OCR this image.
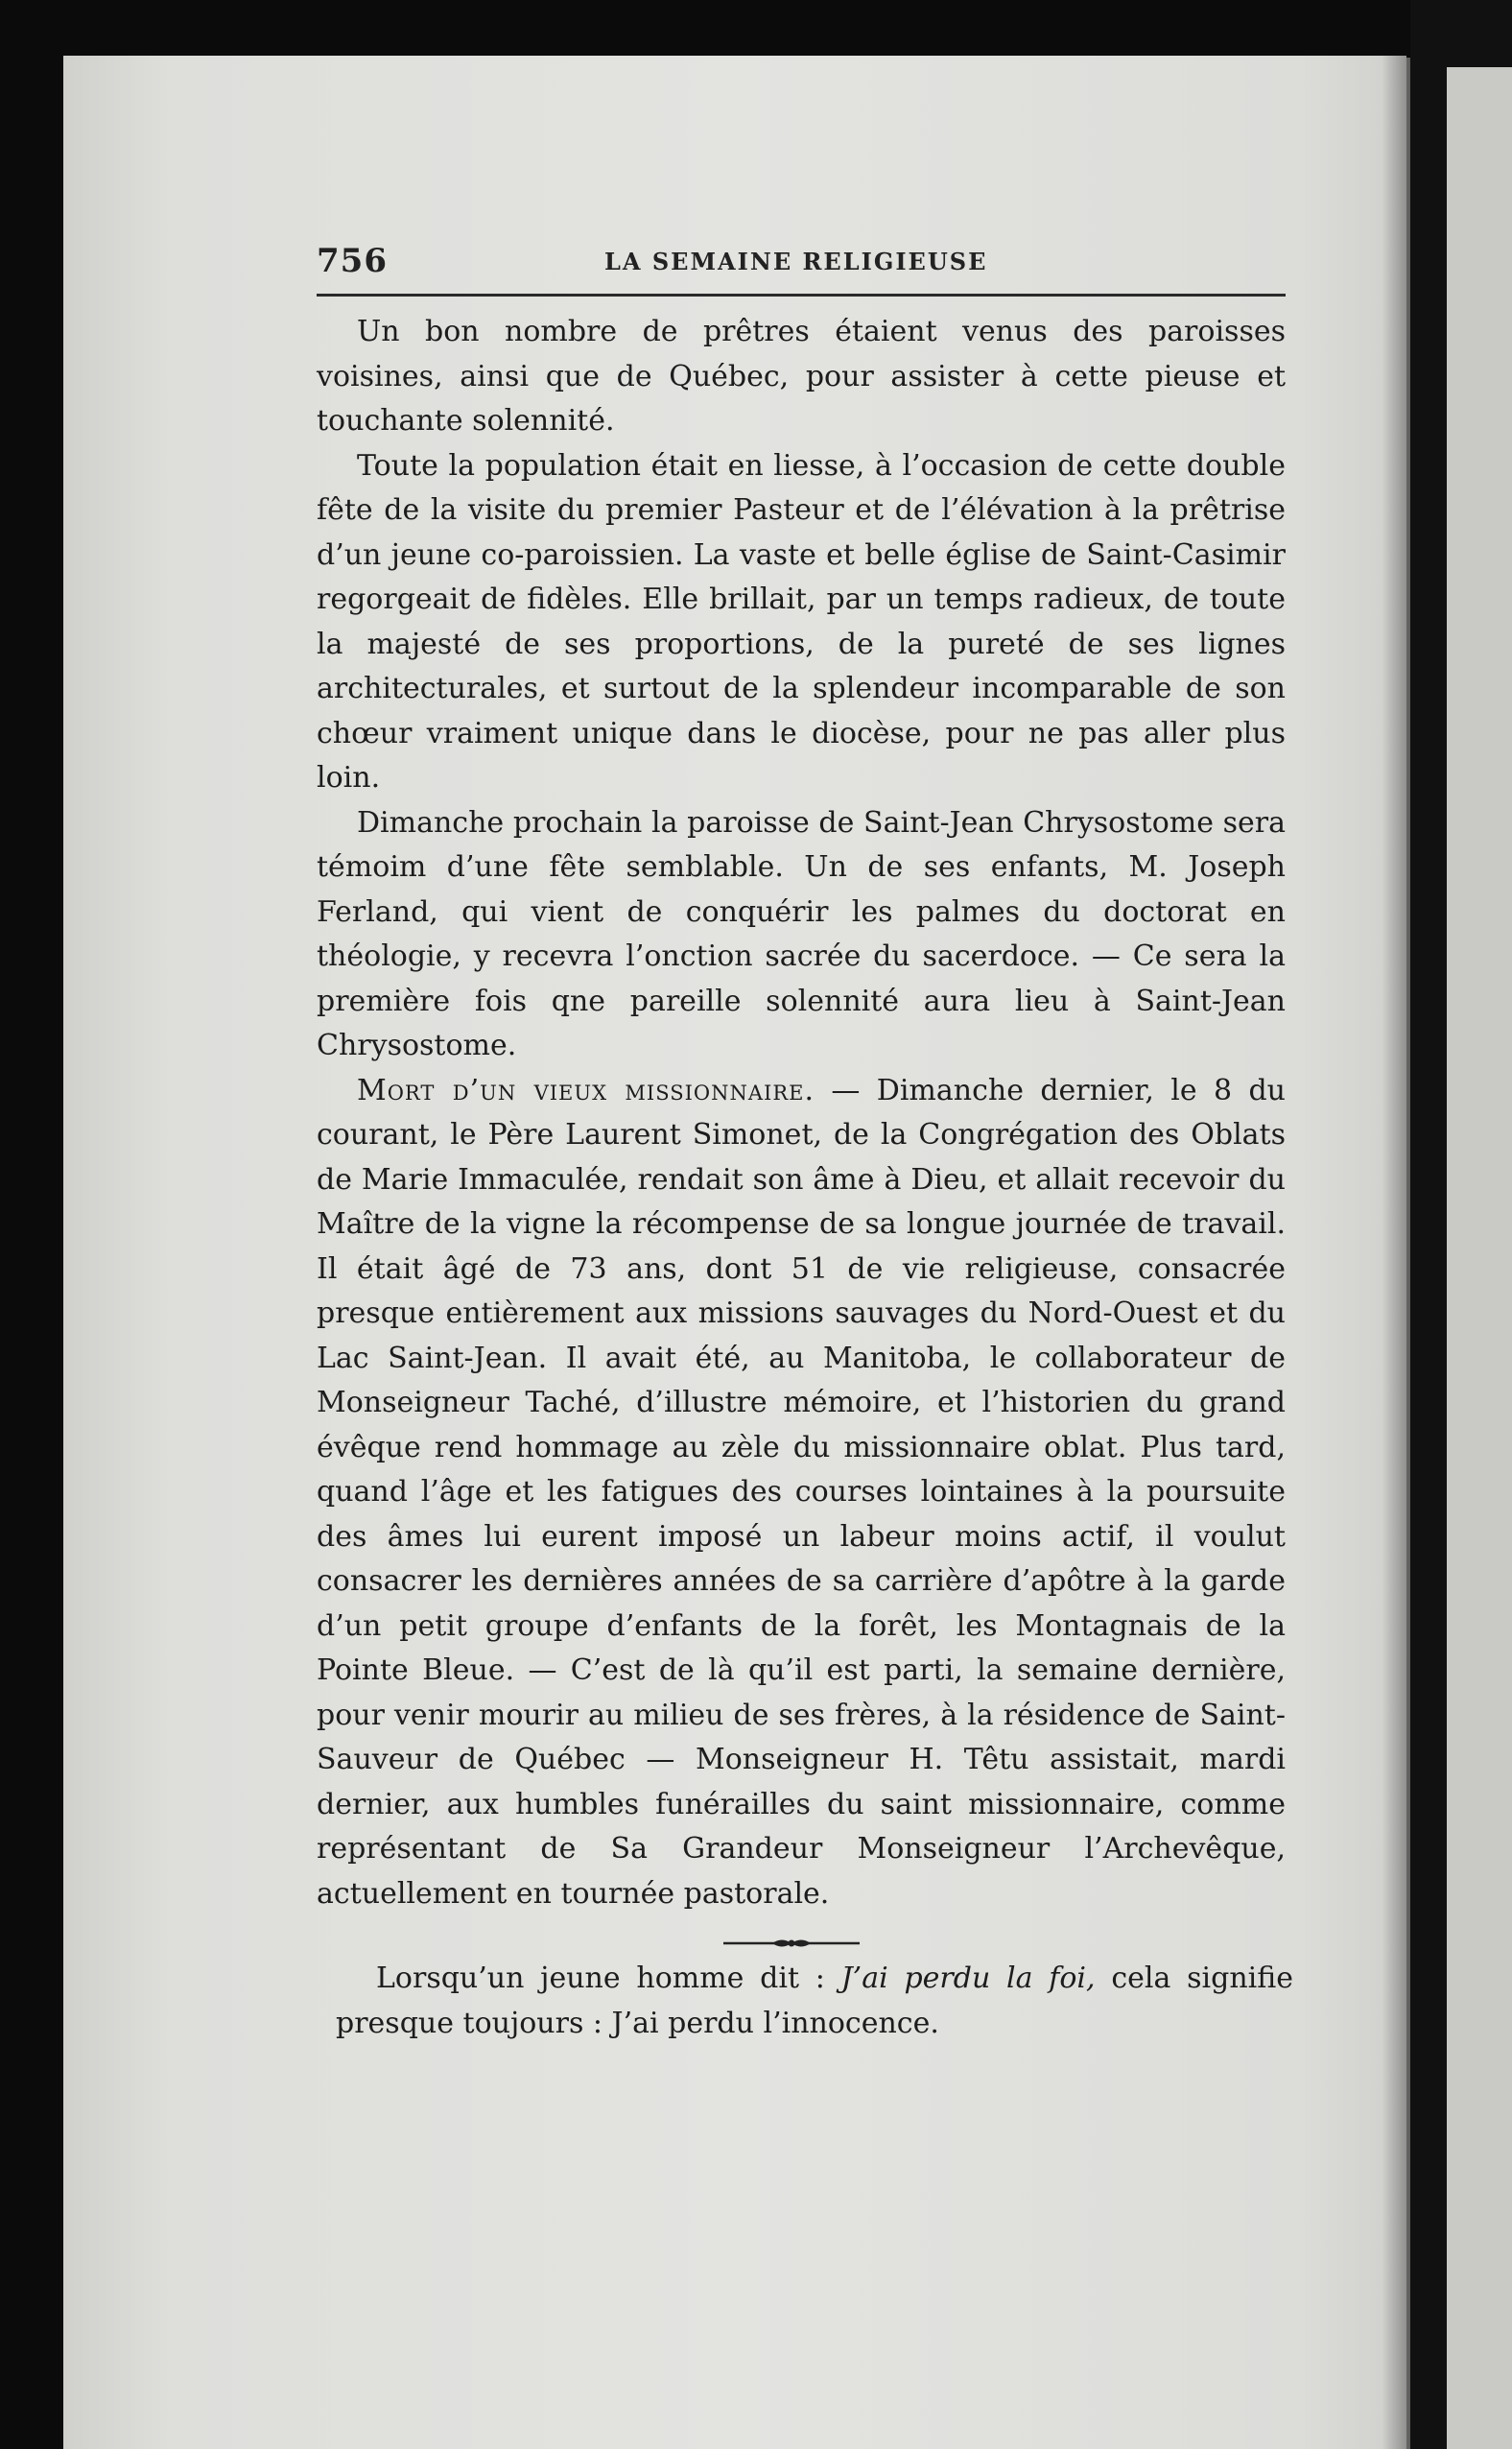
756	LA SEMAINE RELIGIEUSE

Un bon nombre de prêtres étaient venus des paroisses voisines, ainsi que de Québec, pour assister à cette pieuse et touchante solennité.

Toute la population était en liesse, à l’occasion de cette double fête de la visite du premier Pasteur et de l’élévation à la prêtrise d’un jeune co-paroissien. La vaste et belle église de Saint-Casimir regorgeait de fidèles. Elle brillait, par un temps radieux, de toute la majesté de ses proportions, de la pureté de ses lignes architecturales, et surtout de la splendeur incomparable de son chœur vraiment unique dans le diocèse, pour ne pas aller plus loin.

Dimanche prochain la paroisse de Saint-Jean Chrysostome sera témoim d’une fête semblable. Un de ses enfants, M. Joseph Ferland, qui vient de conquérir les palmes du doctorat en théologie, y recevra l’onction sacrée du sacerdoce. — Ce sera la première fois qne pareille solennité aura lieu à Saint-Jean Chrysostome.

Mort d’un vieux missionnaire. — Dimanche dernier, le 8 du courant, le Père Laurent Simonet, de la Congrégation des Oblats de Marie Immaculée, rendait son âme à Dieu, et allait recevoir du Maître de la vigne la récompense de sa longue journée de travail. Il était âgé de 73 ans, dont 51 de vie religieuse, consacrée presque entièrement aux missions sauvages du Nord-Ouest et du Lac Saint-Jean. Il avait été, au Manitoba, le collaborateur de Monseigneur Taché, d’illustre mémoire, et l’historien du grand évêque rend hommage au zèle du missionnaire oblat. Plus tard, quand l’âge et les fatigues des courses lointaines à la poursuite des âmes lui eurent imposé un labeur moins actif, il voulut consacrer les dernières années de sa carrière d’apôtre à la garde d’un petit groupe d’enfants de la forêt, les Montagnais de la Pointe Bleue. — C’est de là qu’il est parti, la semaine dernière, pour venir mourir au milieu de ses frères, à la résidence de Saint-Sauveur de Québec — Monseigneur H. Têtu assistait, mardi dernier, aux humbles funérailles du saint missionnaire, comme représentant de Sa Grandeur Monseigneur l’Archevêque, actuellement en tournée pastorale.

Lorsqu’un jeune homme dit : J’ai perdu la foi, cela signifie presque toujours : J’ai perdu l’innocence.
